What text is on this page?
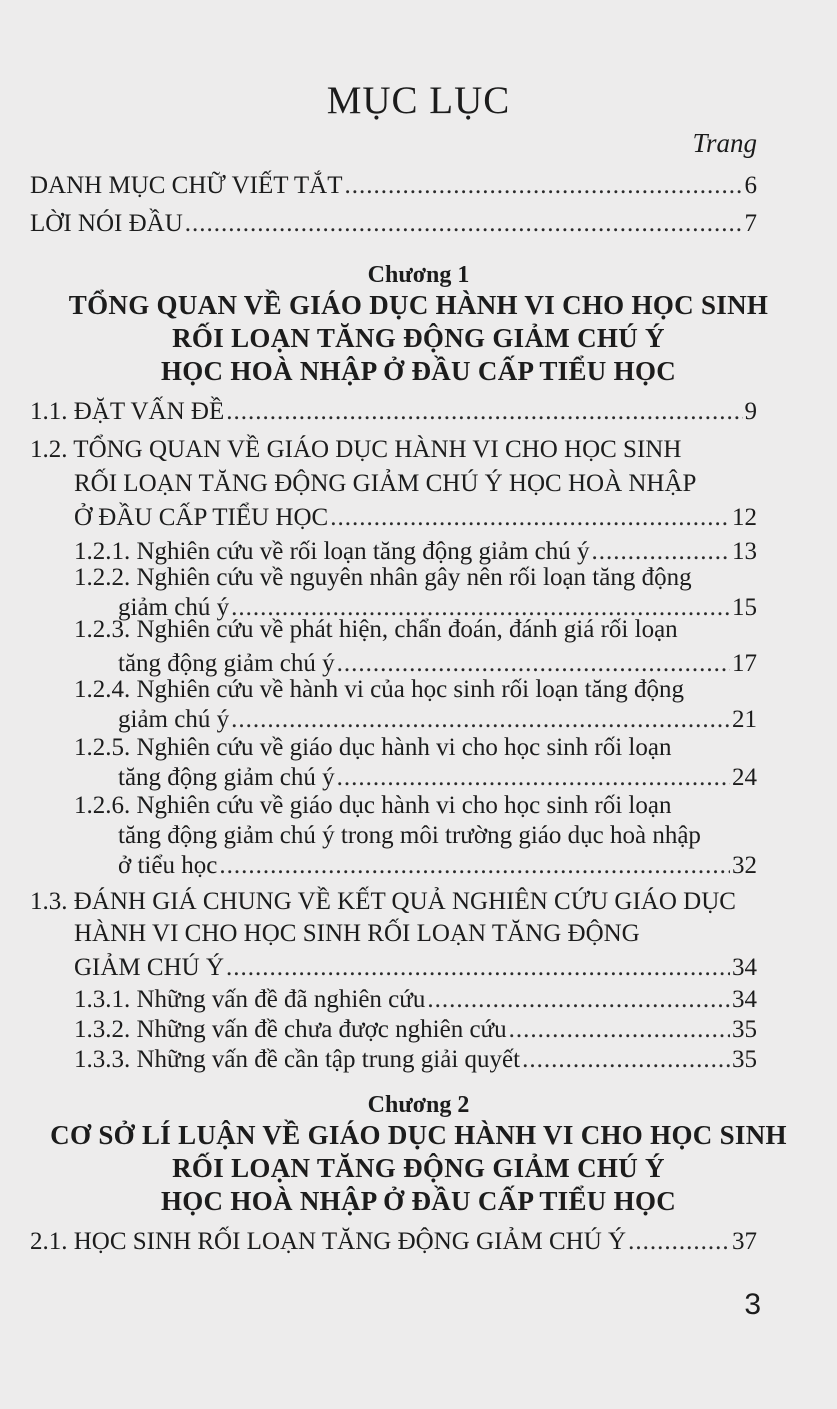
MỤC LỤC
Trang
DANH MỤC CHỮ VIẾT TẮT .....	6
LỜI NÓI ĐẦU .....	7
Chương 1
TỔNG QUAN VỀ GIÁO DỤC HÀNH VI CHO HỌC SINH
RỐI LOẠN TĂNG ĐỘNG GIẢM CHÚ Ý
HỌC HOÀ NHẬP Ở ĐẦU CẤP TIỂU HỌC
1.1. ĐẶT VẤN ĐỀ .....	9
1.2. TỔNG QUAN VỀ GIÁO DỤC HÀNH VI CHO HỌC SINH
RỐI LOẠN TĂNG ĐỘNG GIẢM CHÚ Ý HỌC HOÀ NHẬP
Ở ĐẦU CẤP TIỂU HỌC .....	12
1.2.1. Nghiên cứu về rối loạn tăng động giảm chú ý .....	13
1.2.2. Nghiên cứu về nguyên nhân gây nên rối loạn tăng động
giảm chú ý .....	15
1.2.3. Nghiên cứu về phát hiện, chẩn đoán, đánh giá rối loạn
tăng động giảm chú ý .....	17
1.2.4. Nghiên cứu về hành vi của học sinh rối loạn tăng động
giảm chú ý .....	21
1.2.5. Nghiên cứu về giáo dục hành vi cho học sinh rối loạn
tăng động giảm chú ý .....	24
1.2.6. Nghiên cứu về giáo dục hành vi cho học sinh rối loạn
tăng động giảm chú ý trong môi trường giáo dục hoà nhập
ở tiểu học .....	32
1.3. ĐÁNH GIÁ CHUNG VỀ KẾT QUẢ NGHIÊN CỨU GIÁO DỤC
HÀNH VI CHO HỌC SINH RỐI LOẠN TĂNG ĐỘNG
GIẢM CHÚ Ý .....	34
1.3.1. Những vấn đề đã nghiên cứu .....	34
1.3.2. Những vấn đề chưa được nghiên cứu .....	35
1.3.3. Những vấn đề cần tập trung giải quyết .....	35
Chương 2
CƠ SỞ LÍ LUẬN VỀ GIÁO DỤC HÀNH VI CHO HỌC SINH
RỐI LOẠN TĂNG ĐỘNG GIẢM CHÚ Ý
HỌC HOÀ NHẬP Ở ĐẦU CẤP TIỂU HỌC
2.1. HỌC SINH RỐI LOẠN TĂNG ĐỘNG GIẢM CHÚ Ý .....	37
3
